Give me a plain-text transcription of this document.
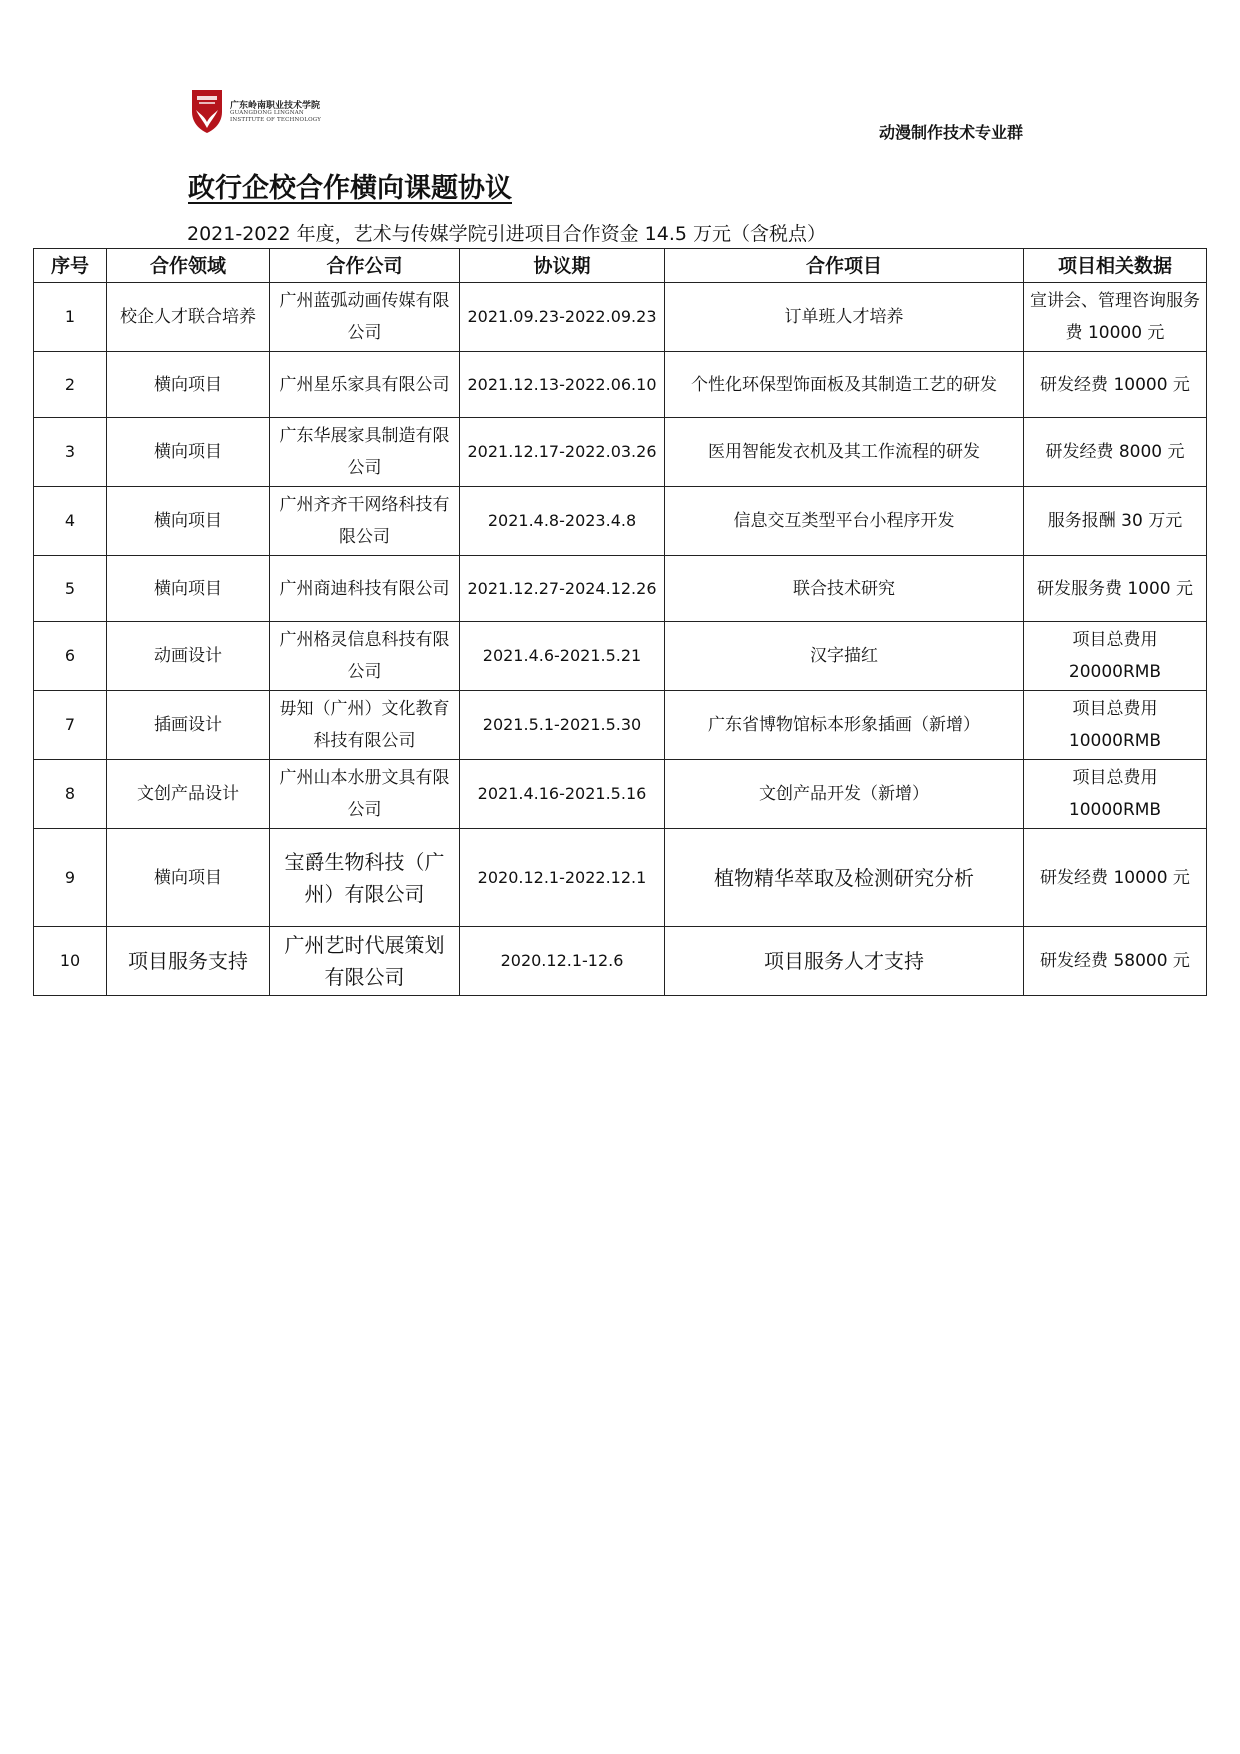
广东岭南职业技术学院
GUANGDONG LINGNAN
INSTITUTE OF TECHNOLOGY
动漫制作技术专业群
政行企校合作横向课题协议
2021-2022 年度，艺术与传媒学院引进项目合作资金 14.5 万元（含税点）
序号	合作领域	合作公司	协议期	合作项目	项目相关数据
1	校企人才联合培养	广州蓝弧动画传媒有限公司	2021.09.23-2022.09.23	订单班人才培养	宣讲会、管理咨询服务费 10000 元
2	横向项目	广州星乐家具有限公司	2021.12.13-2022.06.10	个性化环保型饰面板及其制造工艺的研发	研发经费 10000 元
3	横向项目	广东华展家具制造有限公司	2021.12.17-2022.03.26	医用智能发衣机及其工作流程的研发	研发经费 8000 元
4	横向项目	广州齐齐干网络科技有限公司	2021.4.8-2023.4.8	信息交互类型平台小程序开发	服务报酬 30 万元
5	横向项目	广州商迪科技有限公司	2021.12.27-2024.12.26	联合技术研究	研发服务费 1000 元
6	动画设计	广州格灵信息科技有限公司	2021.4.6-2021.5.21	汉字描红	项目总费用 20000RMB
7	插画设计	毋知（广州）文化教育科技有限公司	2021.5.1-2021.5.30	广东省博物馆标本形象插画（新增）	项目总费用 10000RMB
8	文创产品设计	广州山本水册文具有限公司	2021.4.16-2021.5.16	文创产品开发（新增）	项目总费用 10000RMB
9	横向项目	宝爵生物科技（广州）有限公司	2020.12.1-2022.12.1	植物精华萃取及检测研究分析	研发经费 10000 元
10	项目服务支持	广州艺时代展策划有限公司	2020.12.1-12.6	项目服务人才支持	研发经费 58000 元
